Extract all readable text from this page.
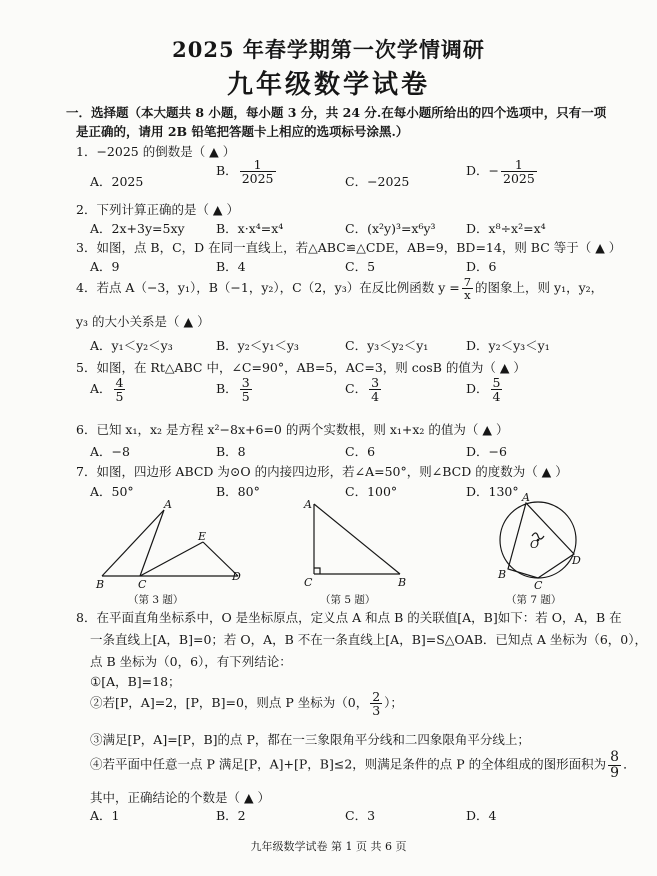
2025 年春学期第一次学情调研
九年级数学试卷
一．选择题（本大题共 8 小题，每小题 3 分，共 24 分.在每小题所给出的四个选项中，只有一项
是正确的，请用 2B 铅笔把答题卡上相应的选项标号涂黑.）
1．−2025 的倒数是（ ▲ ）
A．2025
B． $\frac{1}{2025}$	C．−2025
D．− $\frac{1}{2025}$
2．下列计算正确的是（ ▲ ）
A．2x+3y=5xy	B．x·x⁴=x⁴	C．(x²y)³=x⁶y³ D．x⁸÷x²=x⁴
3．如图，点 B，C，D 在同一直线上，若△ABC≌△CDE，AB=9，BD=14，则 BC 等于（ ▲ ）
A．9	B．4	C．5	D．6
4．若点 A（−3，y₁），B（−1，y₂），C（2，y₃）在反比例函数 $y = \frac{7}{x}$ 的图象上，则 y₁，y₂，
y₃ 的大小关系是（ ▲ ）
A．y₁＜y₂＜y₃	B．y₂＜y₁＜y₃	C．y₃＜y₂＜y₁	D．y₂＜y₃＜y₁
5．如图，在 Rt△ABC 中，∠C=90°，AB=5，AC=3，则 cosB 的值为（ ▲ ）
A． $\frac{4}{5}$	B． $\frac{3}{5}$	C． $\frac{3}{4}$	D． $\frac{5}{4}$
6．已知 x₁，x₂ 是方程 x²−8x+6=0 的两个实数根，则 x₁+x₂ 的值为（ ▲ ）
A．−8	B．8	C．6	D．−6
7．如图，四边形 ABCD 为⊙O 的内接四边形，若∠A=50°，则∠BCD 的度数为（ ▲ ）
A．50°	B．80°	C．100°	D．130°
A
B	C
D
E
（第 3 题）
A
B
C
（第 5 题）
A
B
C
D
O
（第 7 题）
8．在平面直角坐标系中，O 是坐标原点，定义点 A 和点 B 的关联值[A，B]如下：若 O，A，B 在
一条直线上[A，B]=0；若 O，A，B 不在一条直线上[A，B]=S△OAB．已知点 A 坐标为（6，0），
点 B 坐标为（0，6），有下列结论：
①[A，B]=18；
②若[P，A]=2，[P，B]=0，则点 P 坐标为（0， $\frac{2}{3}$ ）；
③满足[P，A]=[P，B]的点 P，都在一三象限角平分线和二四象限角平分线上；
④若平面中任意一点 P 满足[P，A]+[P，B]≤2，则满足条件的点 P 的全体组成的图形面积为 $\frac{8}{9}$ ．
其中，正确结论的个数是（ ▲ ）
A．1	B．2	C．3	D．4
九年级数学试卷 第 1 页 共 6 页
